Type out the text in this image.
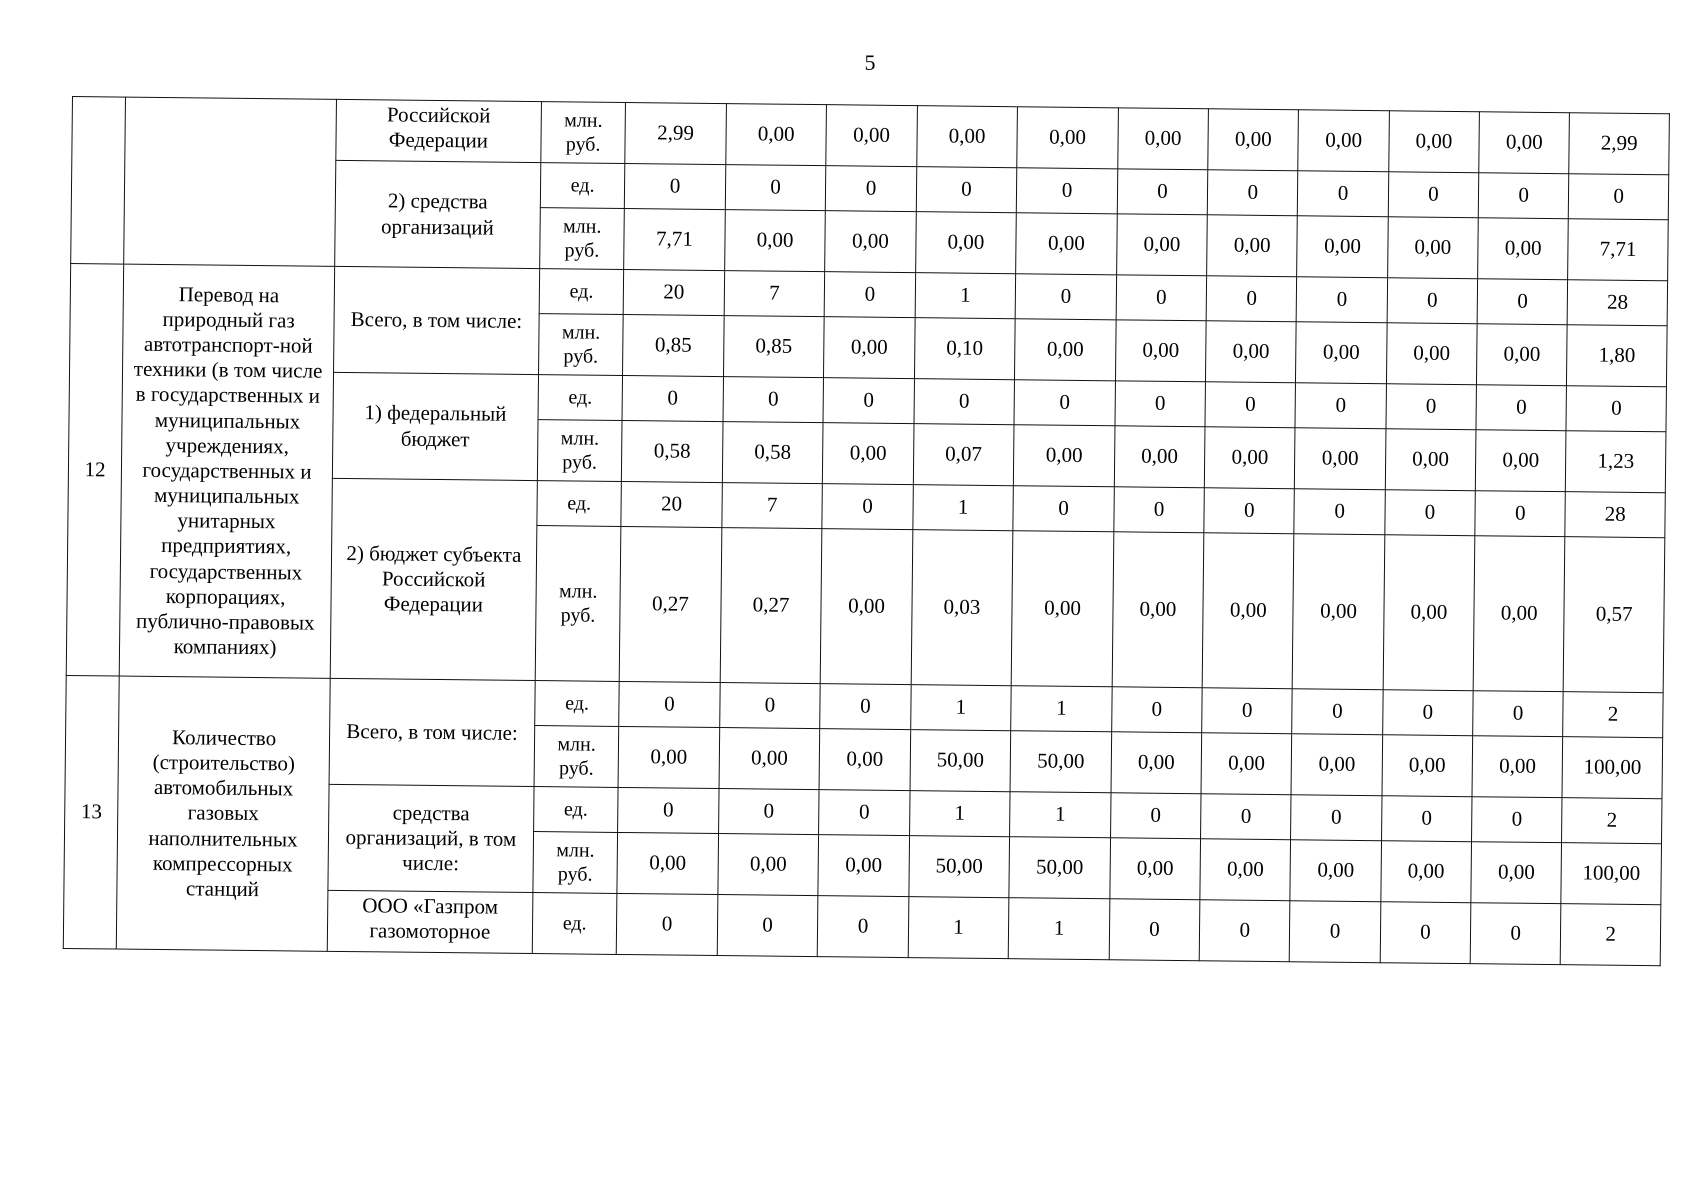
5
		Российской Федерации	млн. руб.	2,99	0,00	0,00	0,00	0,00	0,00	0,00	0,00	0,00	0,00	2,99
		2) средства организаций	ед.	0	0	0	0	0	0	0	0	0	0	0
			млн. руб.	7,71	0,00	0,00	0,00	0,00	0,00	0,00	0,00	0,00	0,00	7,71
12	Перевод на природный газ автотранспорт-ной техники (в том числе в государственных и муниципальных учреждениях, государственных и муниципальных унитарных предприятиях, государственных корпорациях, публично-правовых компаниях)	Всего, в том числе:	ед.	20	7	0	1	0	0	0	0	0	0	28
			млн. руб.	0,85	0,85	0,00	0,10	0,00	0,00	0,00	0,00	0,00	0,00	1,80
		1) федеральный бюджет	ед.	0	0	0	0	0	0	0	0	0	0	0
			млн. руб.	0,58	0,58	0,00	0,07	0,00	0,00	0,00	0,00	0,00	0,00	1,23
		2) бюджет субъекта Российской Федерации	ед.	20	7	0	1	0	0	0	0	0	0	28
			млн. руб.	0,27	0,27	0,00	0,03	0,00	0,00	0,00	0,00	0,00	0,00	0,57
13	Количество (строительство) автомобильных газовых наполнительных компрессорных станций	Всего, в том числе:	ед.	0	0	0	1	1	0	0	0	0	0	2
			млн. руб.	0,00	0,00	0,00	50,00	50,00	0,00	0,00	0,00	0,00	0,00	100,00
		средства организаций, в том числе:	ед.	0	0	0	1	1	0	0	0	0	0	2
			млн. руб.	0,00	0,00	0,00	50,00	50,00	0,00	0,00	0,00	0,00	0,00	100,00
		ООО «Газпром газомоторное	ед.	0	0	0	1	1	0	0	0	0	0	2
